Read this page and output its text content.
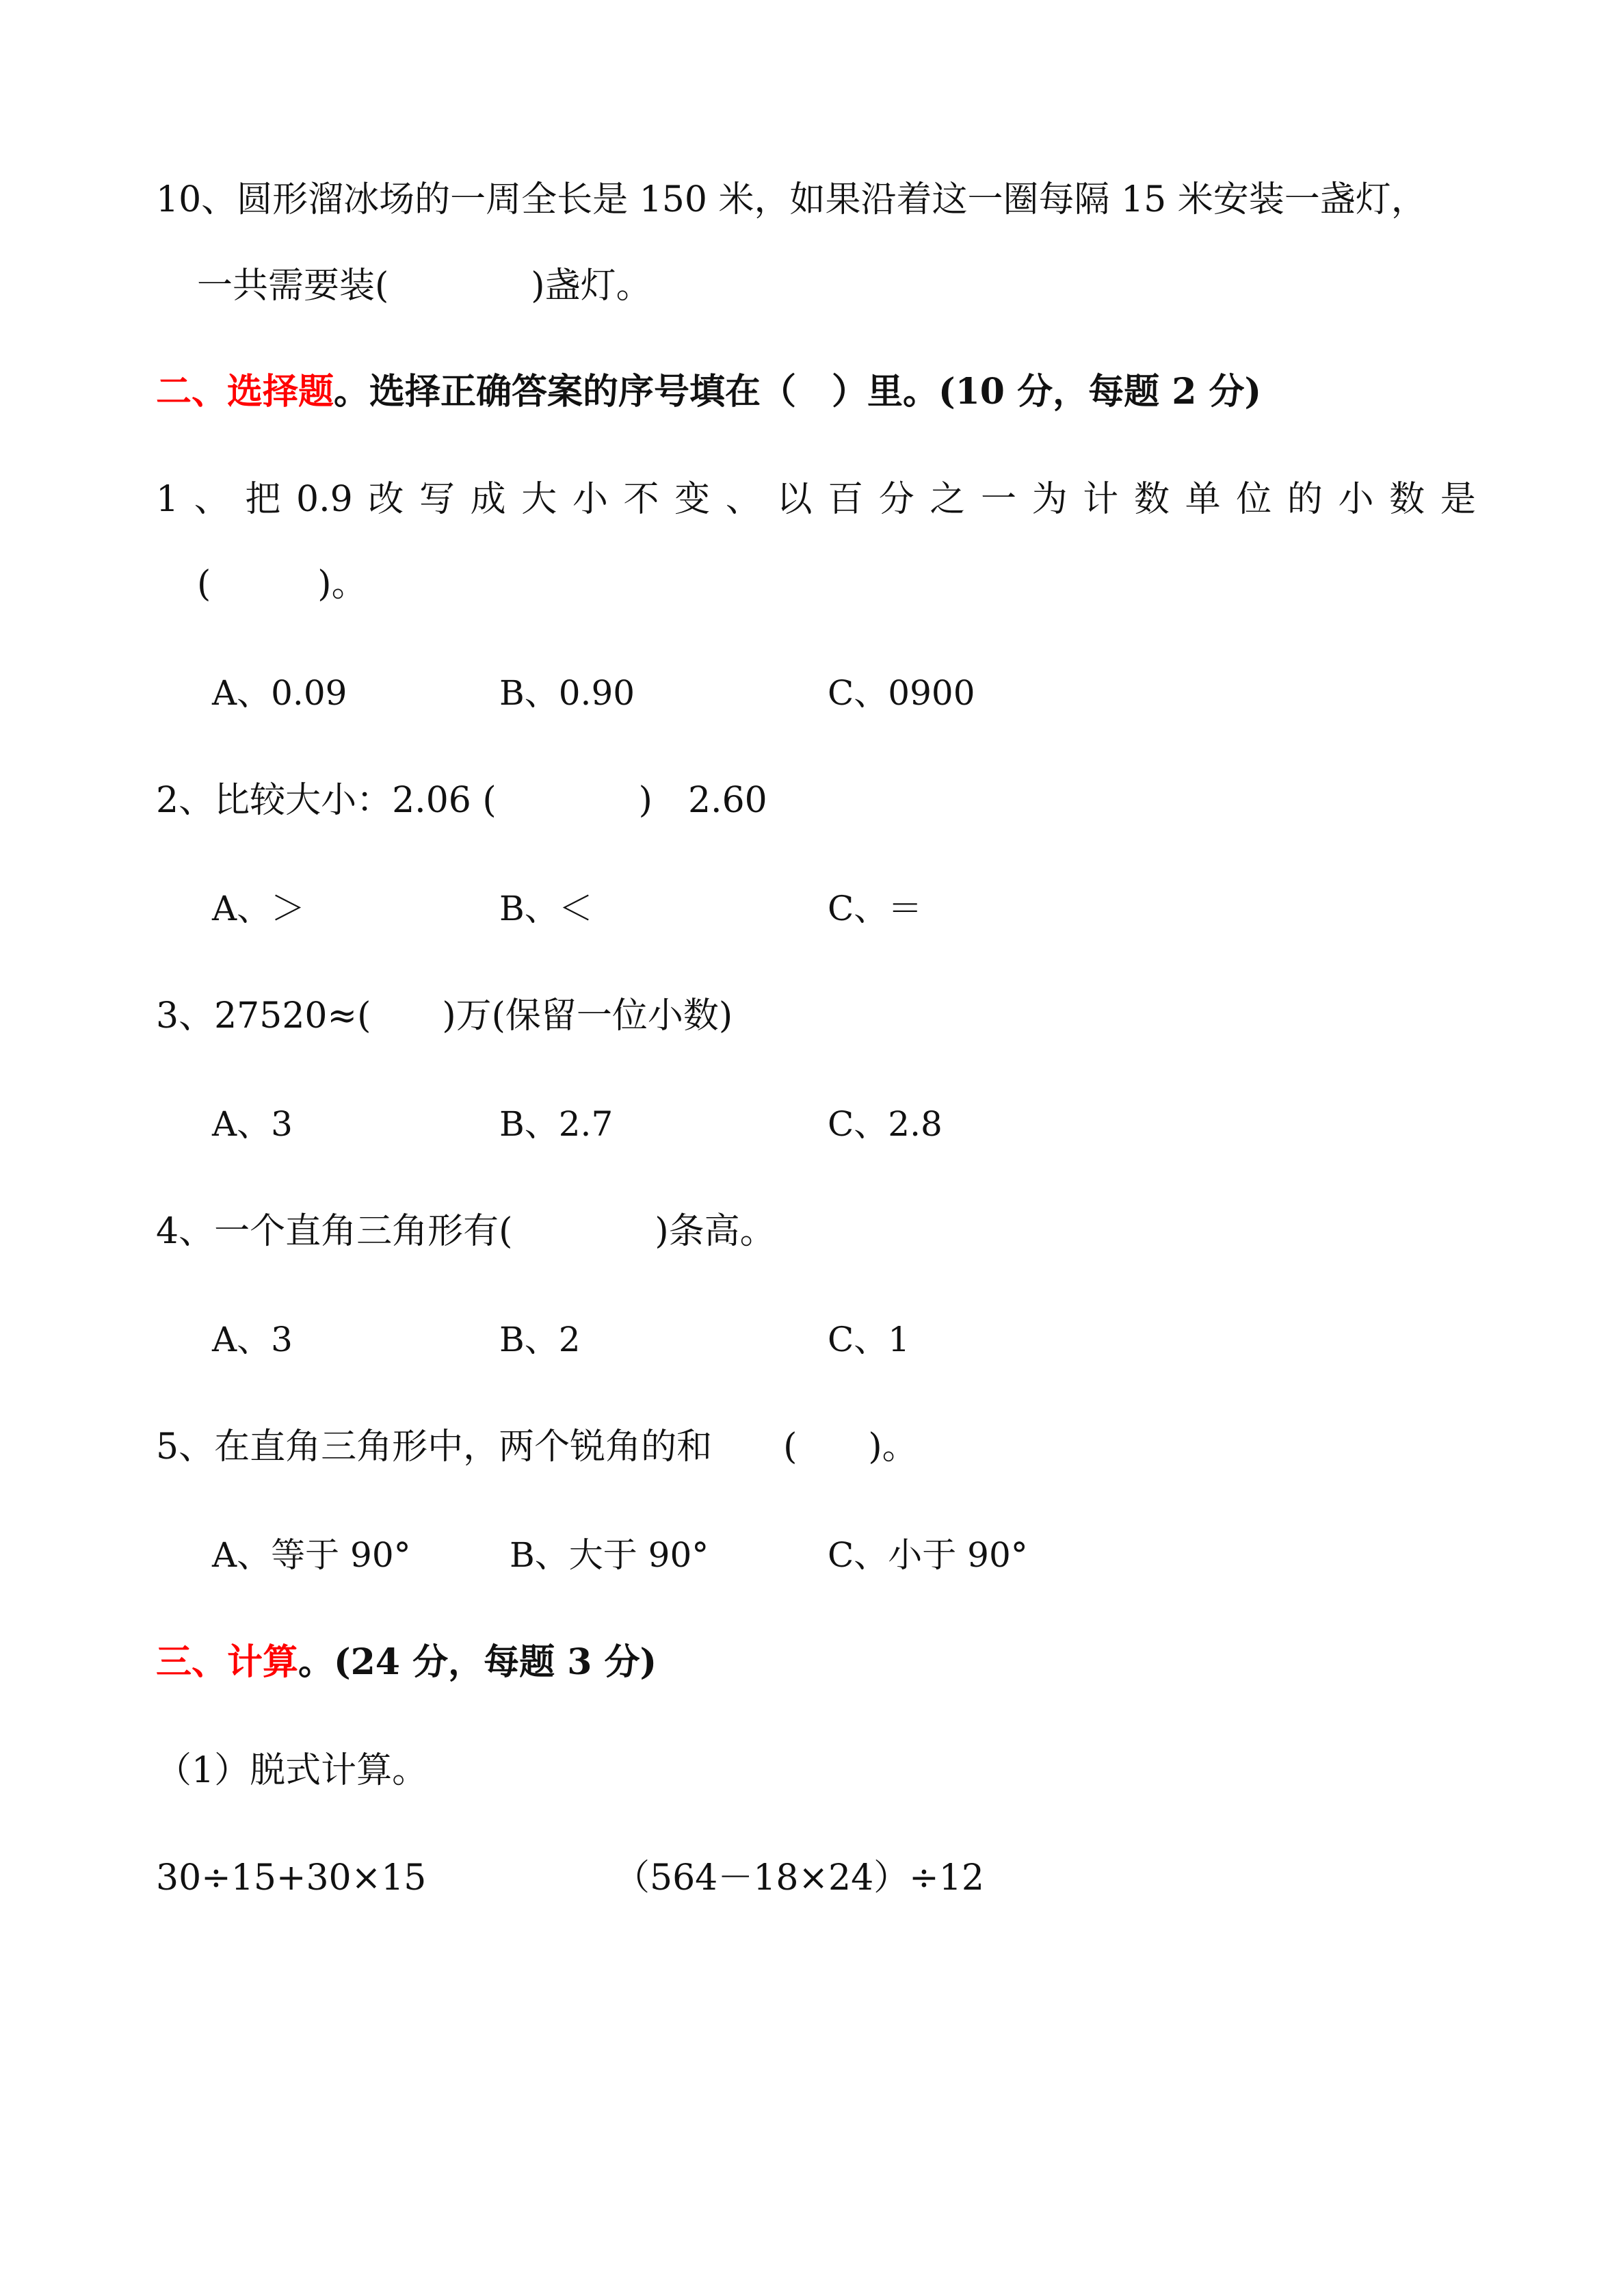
10、圆形溜冰场的一周全长是 150 米，如果沿着这一圈每隔 15 米安装一盏灯，
一共需要装(　　　　)盏灯。
二、选择题。选择正确答案的序号填在（　）里。(10 分，每题 2 分)
1 、 把 0.9 改 写 成 大 小 不 变 、 以 百 分 之 一 为 计 数 单 位 的 小 数 是
(　　　)。
A、0.09	B、0.90	C、0900
2、比较大小：2.06 (　　　　)　2.60
A、＞	B、＜	C、＝
3、27520≈(　　)万(保留一位小数)
A、3	B、2.7	C、2.8
4、一个直角三角形有(　　　　)条高。
A、3	B、2	C、1
5、在直角三角形中，两个锐角的和　　(　　)。
A、等于 90°	B、大于 90°	C、小于 90°
三、计算。(24 分，每题 3 分)
（1）脱式计算。
30÷15+30×15	（564－18×24）÷12
